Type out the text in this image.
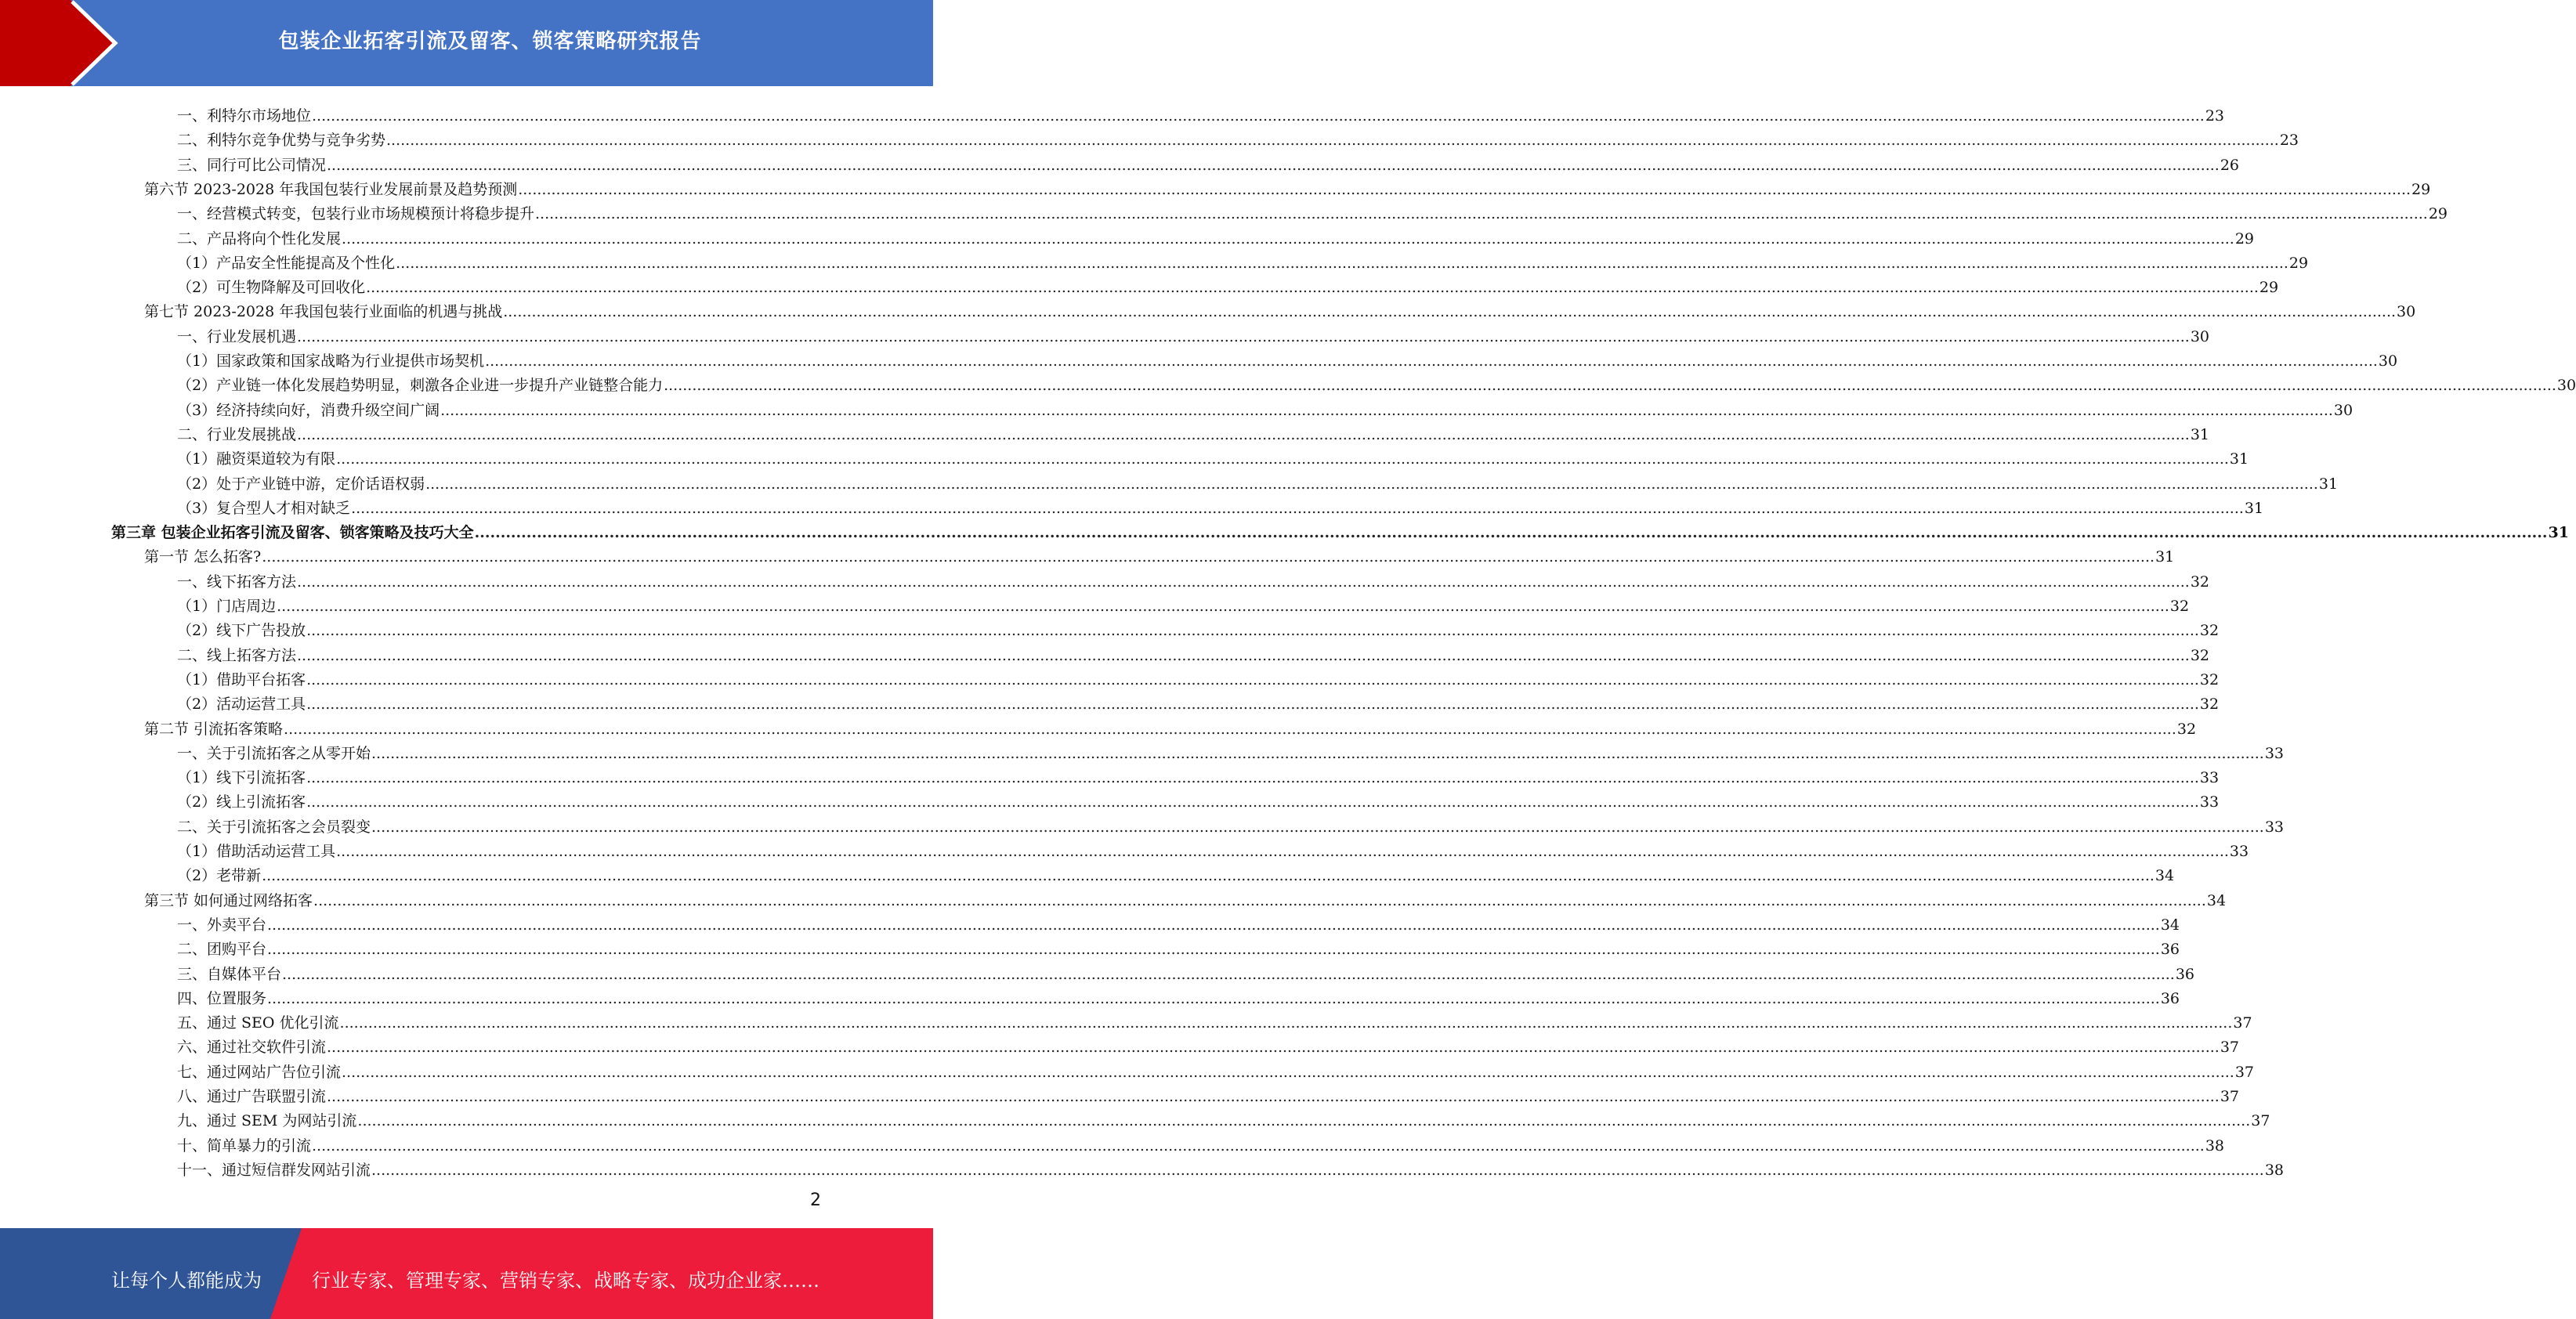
包装企业拓客引流及留客、锁客策略研究报告
一、利特尔市场地位 ................................................................................................................................................................................................................................................................................................................................................................................................................ 23
二、利特尔竞争优势与竞争劣势 ................................................................................................................................................................................................................................................................................................................................................................................................................ 23
三、同行可比公司情况 ................................................................................................................................................................................................................................................................................................................................................................................................................ 26
第六节 2023-2028 年我国包装行业发展前景及趋势预测 ................................................................................................................................................................................................................................................................................................................................................................................................................ 29
一、经营模式转变，包装行业市场规模预计将稳步提升 ................................................................................................................................................................................................................................................................................................................................................................................................................ 29
二、产品将向个性化发展 ................................................................................................................................................................................................................................................................................................................................................................................................................ 29
（1）产品安全性能提高及个性化 ................................................................................................................................................................................................................................................................................................................................................................................................................ 29
（2）可生物降解及可回收化 ................................................................................................................................................................................................................................................................................................................................................................................................................ 29
第七节 2023-2028 年我国包装行业面临的机遇与挑战 ................................................................................................................................................................................................................................................................................................................................................................................................................ 30
一、行业发展机遇 ................................................................................................................................................................................................................................................................................................................................................................................................................ 30
（1）国家政策和国家战略为行业提供市场契机 ................................................................................................................................................................................................................................................................................................................................................................................................................ 30
（2）产业链一体化发展趋势明显，刺激各企业进一步提升产业链整合能力 ................................................................................................................................................................................................................................................................................................................................................................................................................ 30
（3）经济持续向好，消费升级空间广阔 ................................................................................................................................................................................................................................................................................................................................................................................................................ 30
二、行业发展挑战 ................................................................................................................................................................................................................................................................................................................................................................................................................ 31
（1）融资渠道较为有限 ................................................................................................................................................................................................................................................................................................................................................................................................................ 31
（2）处于产业链中游，定价话语权弱 ................................................................................................................................................................................................................................................................................................................................................................................................................ 31
（3）复合型人才相对缺乏 ................................................................................................................................................................................................................................................................................................................................................................................................................ 31
第三章 包装企业拓客引流及留客、锁客策略及技巧大全 ................................................................................................................................................................................................................................................................................................................................................................................................................ 31
第一节 怎么拓客? ................................................................................................................................................................................................................................................................................................................................................................................................................ 31
一、线下拓客方法 ................................................................................................................................................................................................................................................................................................................................................................................................................ 32
（1）门店周边 ................................................................................................................................................................................................................................................................................................................................................................................................................ 32
（2）线下广告投放 ................................................................................................................................................................................................................................................................................................................................................................................................................ 32
二、线上拓客方法 ................................................................................................................................................................................................................................................................................................................................................................................................................ 32
（1）借助平台拓客 ................................................................................................................................................................................................................................................................................................................................................................................................................ 32
（2）活动运营工具 ................................................................................................................................................................................................................................................................................................................................................................................................................ 32
第二节 引流拓客策略 ................................................................................................................................................................................................................................................................................................................................................................................................................ 32
一、关于引流拓客之从零开始 ................................................................................................................................................................................................................................................................................................................................................................................................................ 33
（1）线下引流拓客 ................................................................................................................................................................................................................................................................................................................................................................................................................ 33
（2）线上引流拓客 ................................................................................................................................................................................................................................................................................................................................................................................................................ 33
二、关于引流拓客之会员裂变 ................................................................................................................................................................................................................................................................................................................................................................................................................ 33
（1）借助活动运营工具 ................................................................................................................................................................................................................................................................................................................................................................................................................ 33
（2）老带新 ................................................................................................................................................................................................................................................................................................................................................................................................................ 34
第三节 如何通过网络拓客 ................................................................................................................................................................................................................................................................................................................................................................................................................ 34
一、外卖平台 ................................................................................................................................................................................................................................................................................................................................................................................................................ 34
二、团购平台 ................................................................................................................................................................................................................................................................................................................................................................................................................ 36
三、自媒体平台 ................................................................................................................................................................................................................................................................................................................................................................................................................ 36
四、位置服务 ................................................................................................................................................................................................................................................................................................................................................................................................................ 36
五、通过 SEO 优化引流 ................................................................................................................................................................................................................................................................................................................................................................................................................ 37
六、通过社交软件引流 ................................................................................................................................................................................................................................................................................................................................................................................................................ 37
七、通过网站广告位引流 ................................................................................................................................................................................................................................................................................................................................................................................................................ 37
八、通过广告联盟引流 ................................................................................................................................................................................................................................................................................................................................................................................................................ 37
九、通过 SEM 为网站引流 ................................................................................................................................................................................................................................................................................................................................................................................................................ 37
十、简单暴力的引流 ................................................................................................................................................................................................................................................................................................................................................................................................................ 38
十一、通过短信群发网站引流 ................................................................................................................................................................................................................................................................................................................................................................................................................ 38
2
让每个人都能成为	行业专家、管理专家、营销专家、战略专家、成功企业家……
